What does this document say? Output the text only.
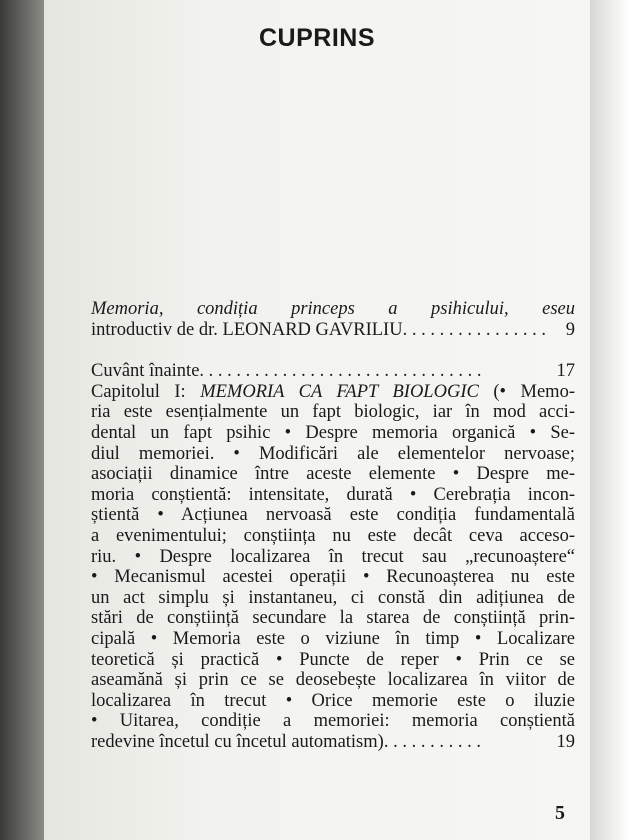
CUPRINS
Memoria, condiția princeps a psihicului, eseu
introductiv de dr. LEONARD GAVRILIU. . . . . . . . . . . . . . . . 9
Cuvânt înainte. . . . . . . . . . . . . . . . . . . . . . . . . . . . . . .	17
Capitolul I: MEMORIA CA FAPT BIOLOGIC (• Memo-
ria este esențialmente un fapt biologic, iar în mod acci-
dental un fapt psihic • Despre memoria organică • Se-
diul memoriei. • Modificări ale elementelor nervoase;
asociații dinamice între aceste elemente • Despre me-
moria conștientă: intensitate, durată • Cerebrația incon-
știentă • Acțiunea nervoasă este condiția fundamentală
a evenimentului; conștiința nu este decât ceva acceso-
riu. • Despre localizarea în trecut sau „recunoaștere“
• Mecanismul acestei operații • Recunoașterea nu este
un act simplu și instantaneu, ci constă din adițiunea de
stări de conștiință secundare la starea de conștiință prin-
cipală • Memoria este o viziune în timp • Localizare
teoretică și practică • Puncte de reper • Prin ce se
aseamănă și prin ce se deosebește localizarea în viitor de
localizarea în trecut • Orice memorie este o iluzie
• Uitarea, condiție a memoriei: memoria conștientă
redevine încetul cu încetul automatism). . . . . . . . . . .	19
5
